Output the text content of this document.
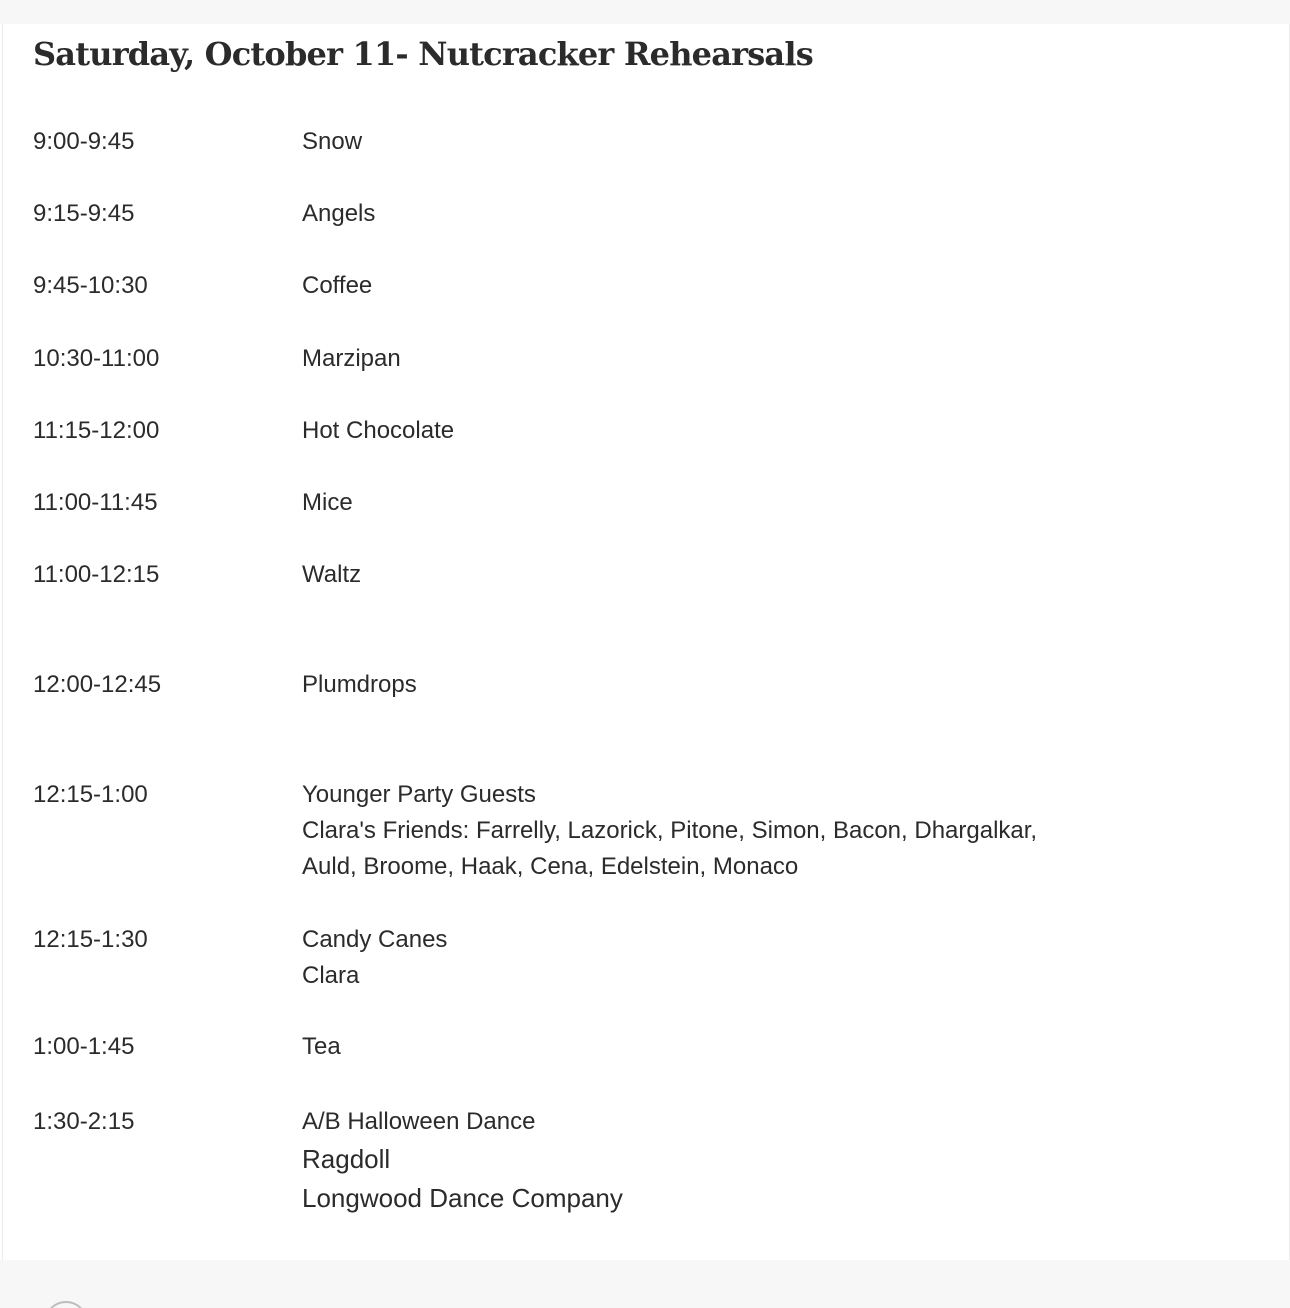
Saturday, October 11- Nutcracker Rehearsals
9:00-9:45	Snow
9:15-9:45	Angels
9:45-10:30	Coffee
10:30-11:00	Marzipan
11:15-12:00	Hot Chocolate
11:00-11:45	Mice
11:00-12:15	Waltz
12:00-12:45	Plumdrops
12:15-1:00	Younger Party Guests
Clara's Friends: Farrelly, Lazorick, Pitone, Simon, Bacon, Dhargalkar,
Auld, Broome, Haak, Cena, Edelstein, Monaco
12:15-1:30	Candy Canes
Clara
1:00-1:45	Tea
1:30-2:15	A/B Halloween Dance
Ragdoll
Longwood Dance Company
